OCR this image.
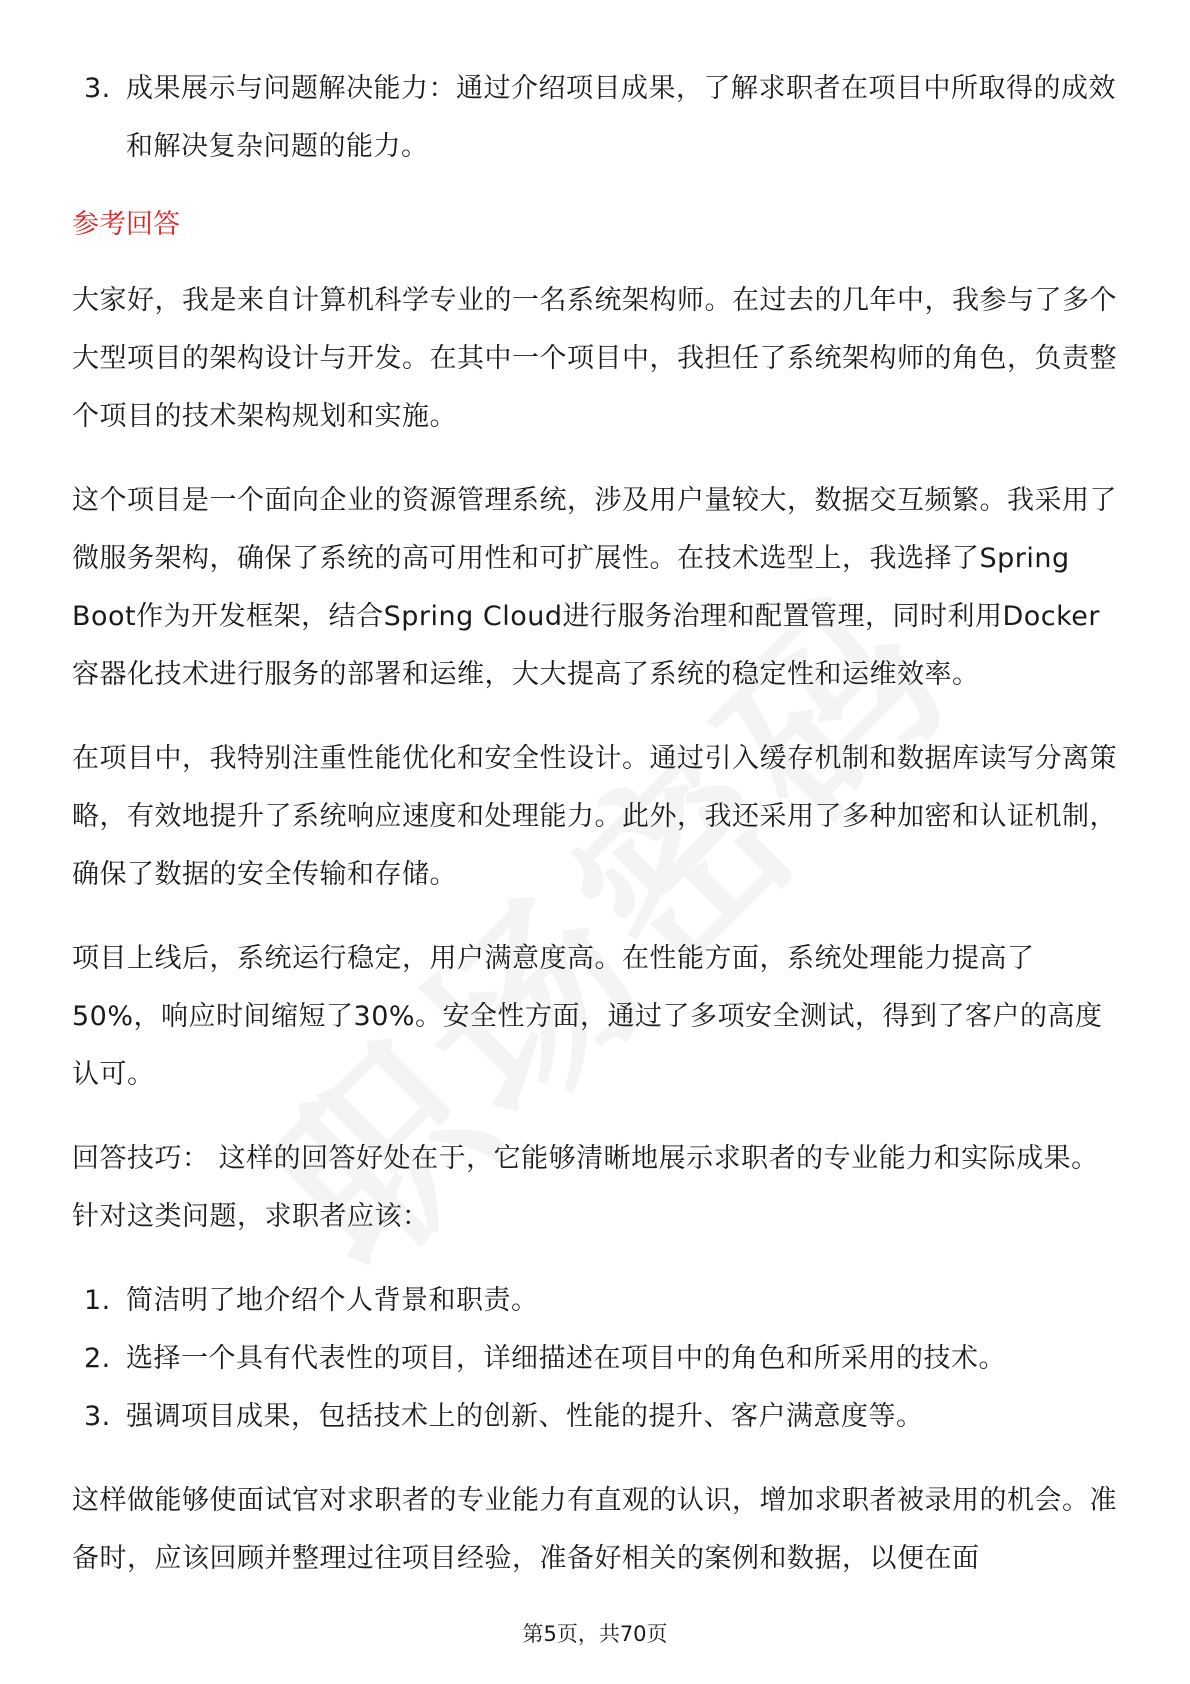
3. 成果展示与问题解决能力：通过介绍项目成果，了解求职者在项目中所取得的成效和解决复杂问题的能力。
参考回答

大家好，我是来自计算机科学专业的一名系统架构师。在过去的几年中，我参与了多个大型项目的架构设计与开发。在其中一个项目中，我担任了系统架构师的角色，负责整个项目的技术架构规划和实施。

这个项目是一个面向企业的资源管理系统，涉及用户量较大，数据交互频繁。我采用了微服务架构，确保了系统的高可用性和可扩展性。在技术选型上，我选择了Spring Boot作为开发框架，结合Spring Cloud进行服务治理和配置管理，同时利用Docker容器化技术进行服务的部署和运维，大大提高了系统的稳定性和运维效率。

在项目中，我特别注重性能优化和安全性设计。通过引入缓存机制和数据库读写分离策略，有效地提升了系统响应速度和处理能力。此外，我还采用了多种加密和认证机制，确保了数据的安全传输和存储。

项目上线后，系统运行稳定，用户满意度高。在性能方面，系统处理能力提高了50%，响应时间缩短了30%。安全性方面，通过了多项安全测试，得到了客户的高度认可。

回答技巧： 这样的回答好处在于，它能够清晰地展示求职者的专业能力和实际成果。针对这类问题，求职者应该：

1. 简洁明了地介绍个人背景和职责。
2. 选择一个具有代表性的项目，详细描述在项目中的角色和所采用的技术。
3. 强调项目成果，包括技术上的创新、性能的提升、客户满意度等。

这样做能够使面试官对求职者的专业能力有直观的认识，增加求职者被录用的机会。准备时，应该回顾并整理过往项目经验，准备好相关的案例和数据，以便在面

第5页，共70页
